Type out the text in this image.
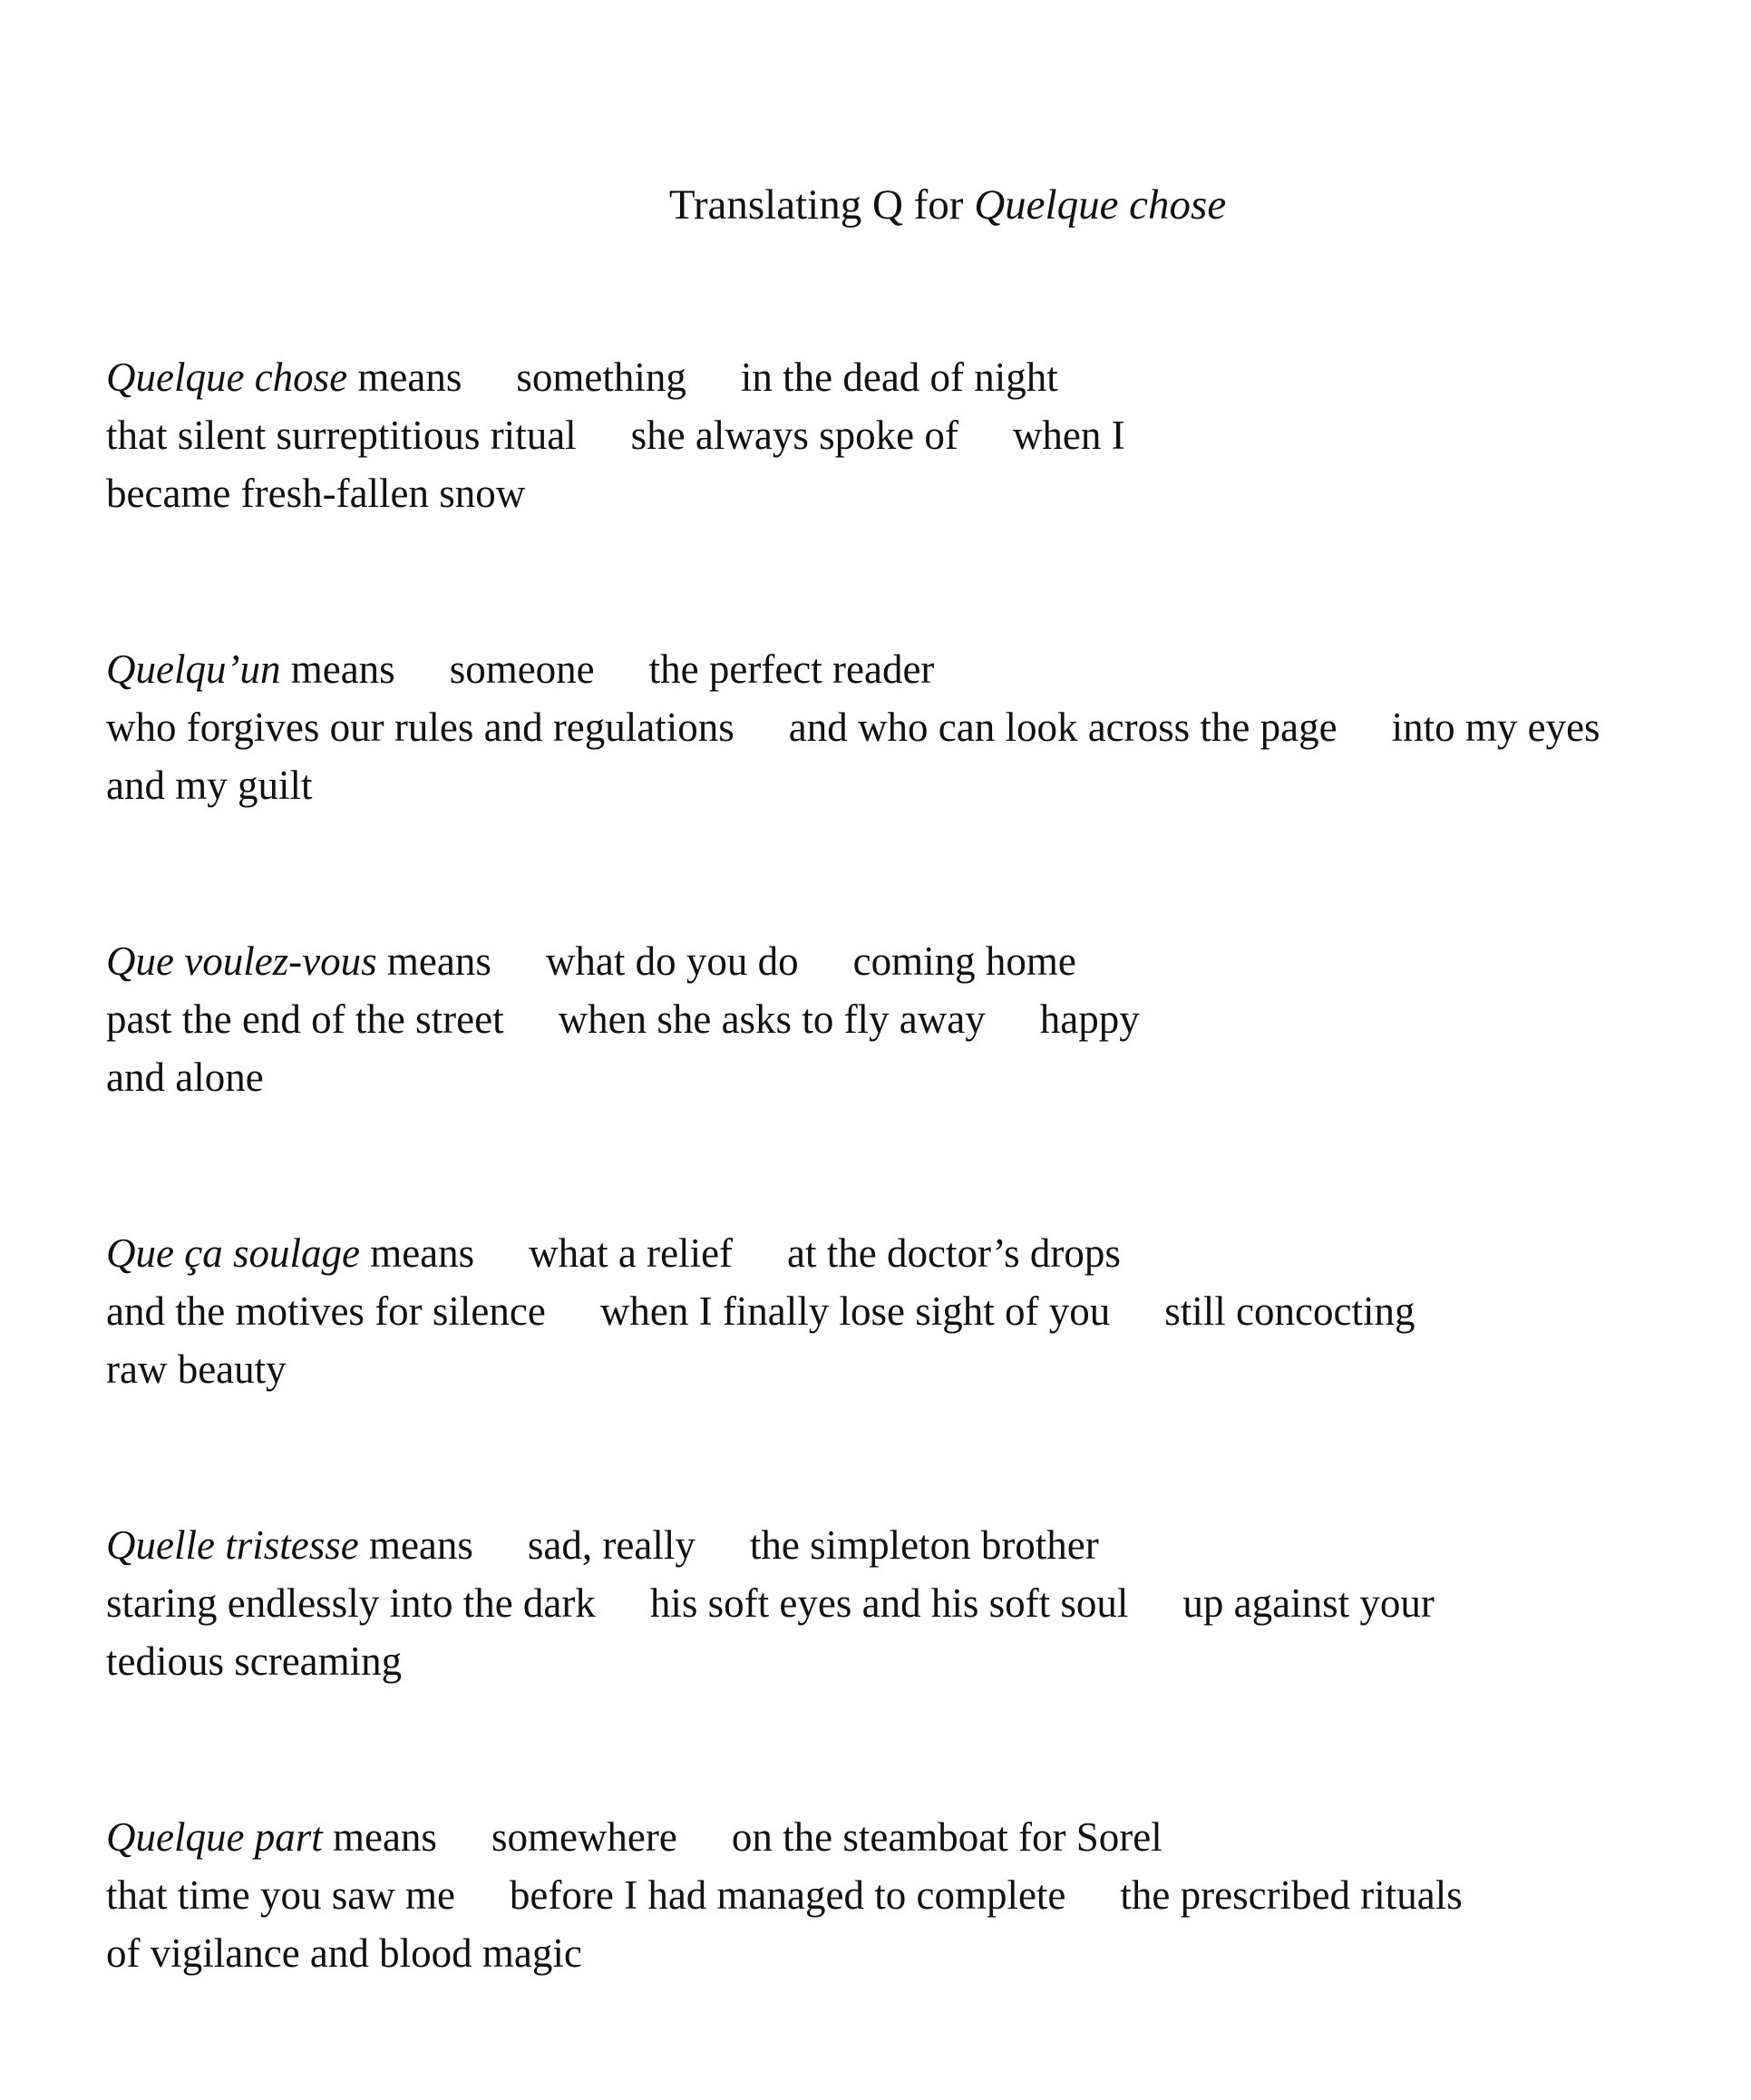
Translating Q for Quelque chose
Quelque chose means something in the dead of night
that silent surreptitious ritual she always spoke of when I
became fresh-fallen snow
Quelqu’un means someone the perfect reader
who forgives our rules and regulations and who can look across the page into my eyes
and my guilt
Que voulez-vous means what do you do coming home
past the end of the street when she asks to fly away happy
and alone
Que ça soulage means what a relief at the doctor’s drops
and the motives for silence when I finally lose sight of you still concocting
raw beauty
Quelle tristesse means sad, really the simpleton brother
staring endlessly into the dark his soft eyes and his soft soul up against your
tedious screaming
Quelque part means somewhere on the steamboat for Sorel
that time you saw me before I had managed to complete the prescribed rituals
of vigilance and blood magic
